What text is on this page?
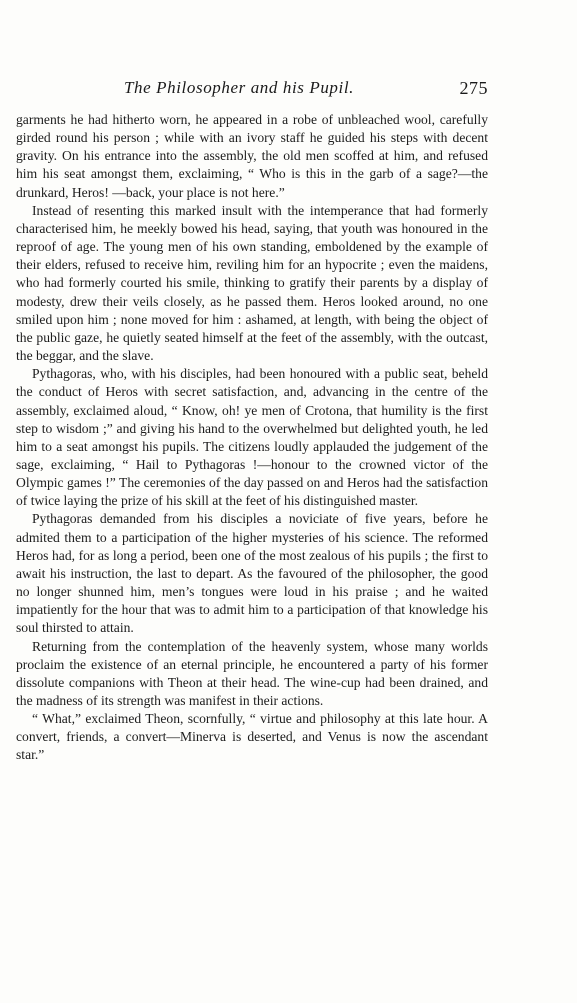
The Philosopher and his Pupil.	275

garments he had hitherto worn, he appeared in a robe of unbleached wool, carefully girded round his person ; while with an ivory staff he guided his steps with decent gravity. On his entrance into the assembly, the old men scoffed at him, and refused him his seat amongst them, exclaiming, “ Who is this in the garb of a sage?—the drunkard, Heros! —back, your place is not here.”

Instead of resenting this marked insult with the intemperance that had formerly characterised him, he meekly bowed his head, saying, that youth was honoured in the reproof of age. The young men of his own standing, emboldened by the example of their elders, refused to receive him, reviling him for an hypocrite ; even the maidens, who had formerly courted his smile, thinking to gratify their parents by a display of modesty, drew their veils closely, as he passed them. Heros looked around, no one smiled upon him ; none moved for him : ashamed, at length, with being the object of the public gaze, he quietly seated himself at the feet of the assembly, with the outcast, the beggar, and the slave.

Pythagoras, who, with his disciples, had been honoured with a public seat, beheld the conduct of Heros with secret satisfaction, and, advancing in the centre of the assembly, exclaimed aloud, “ Know, oh! ye men of Crotona, that humility is the first step to wisdom ;” and giving his hand to the overwhelmed but delighted youth, he led him to a seat amongst his pupils. The citizens loudly applauded the judgement of the sage, exclaiming, “ Hail to Pythagoras !—honour to the crowned victor of the Olympic games !” The ceremonies of the day passed on and Heros had the satisfaction of twice laying the prize of his skill at the feet of his distinguished master.

Pythagoras demanded from his disciples a noviciate of five years, before he admited them to a participation of the higher mysteries of his science. The reformed Heros had, for as long a period, been one of the most zealous of his pupils ; the first to await his instruction, the last to depart. As the favoured of the philosopher, the good no longer shunned him, men’s tongues were loud in his praise ; and he waited impatiently for the hour that was to admit him to a participation of that knowledge his soul thirsted to attain.

Returning from the contemplation of the heavenly system, whose many worlds proclaim the existence of an eternal principle, he encountered a party of his former dissolute companions with Theon at their head. The wine-cup had been drained, and the madness of its strength was manifest in their actions.

“ What,” exclaimed Theon, scornfully, “ virtue and philosophy at this late hour. A convert, friends, a convert—Minerva is deserted, and Venus is now the ascendant star.”
